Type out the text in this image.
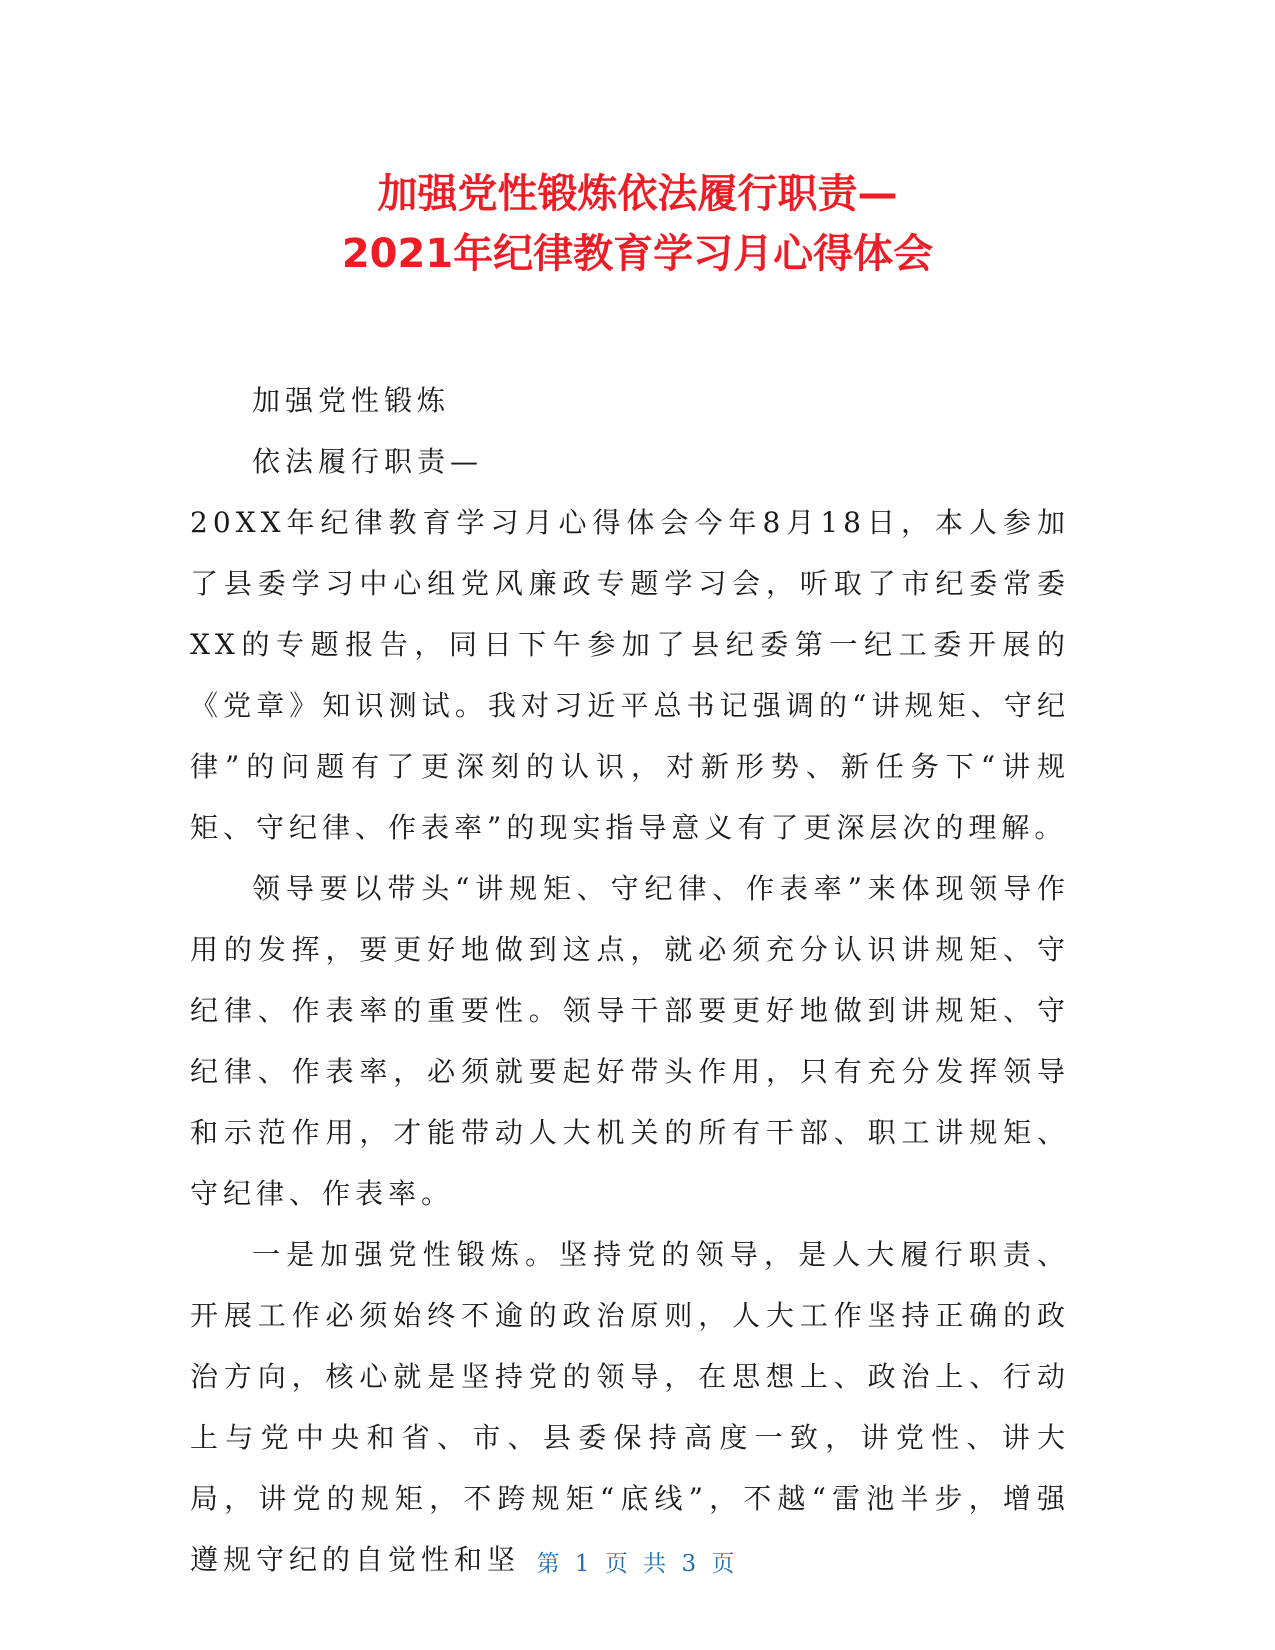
加强党性锻炼依法履行职责—
2021年纪律教育学习月心得体会

加强党性锻炼

依法履行职责—

20XX年纪律教育学习月心得体会今年8月18日，本人参加了县委学习中心组党风廉政专题学习会，听取了市纪委常委XX的专题报告，同日下午参加了县纪委第一纪工委开展的《党章》知识测试。我对习近平总书记强调的“讲规矩、守纪律”的问题有了更深刻的认识，对新形势、新任务下“讲规矩、守纪律、作表率”的现实指导意义有了更深层次的理解。

领导要以带头“讲规矩、守纪律、作表率”来体现领导作用的发挥，要更好地做到这点，就必须充分认识讲规矩、守纪律、作表率的重要性。领导干部要更好地做到讲规矩、守纪律、作表率，必须就要起好带头作用，只有充分发挥领导和示范作用，才能带动人大机关的所有干部、职工讲规矩、守纪律、作表率。

一是加强党性锻炼。坚持党的领导，是人大履行职责、开展工作必须始终不逾的政治原则，人大工作坚持正确的政治方向，核心就是坚持党的领导，在思想上、政治上、行动上与党中央和省、市、县委保持高度一致，讲党性、讲大局，讲党的规矩，不跨规矩“底线”，不越“雷池半步，增强遵规守纪的自觉性和坚 第 1 页 共 3 页
